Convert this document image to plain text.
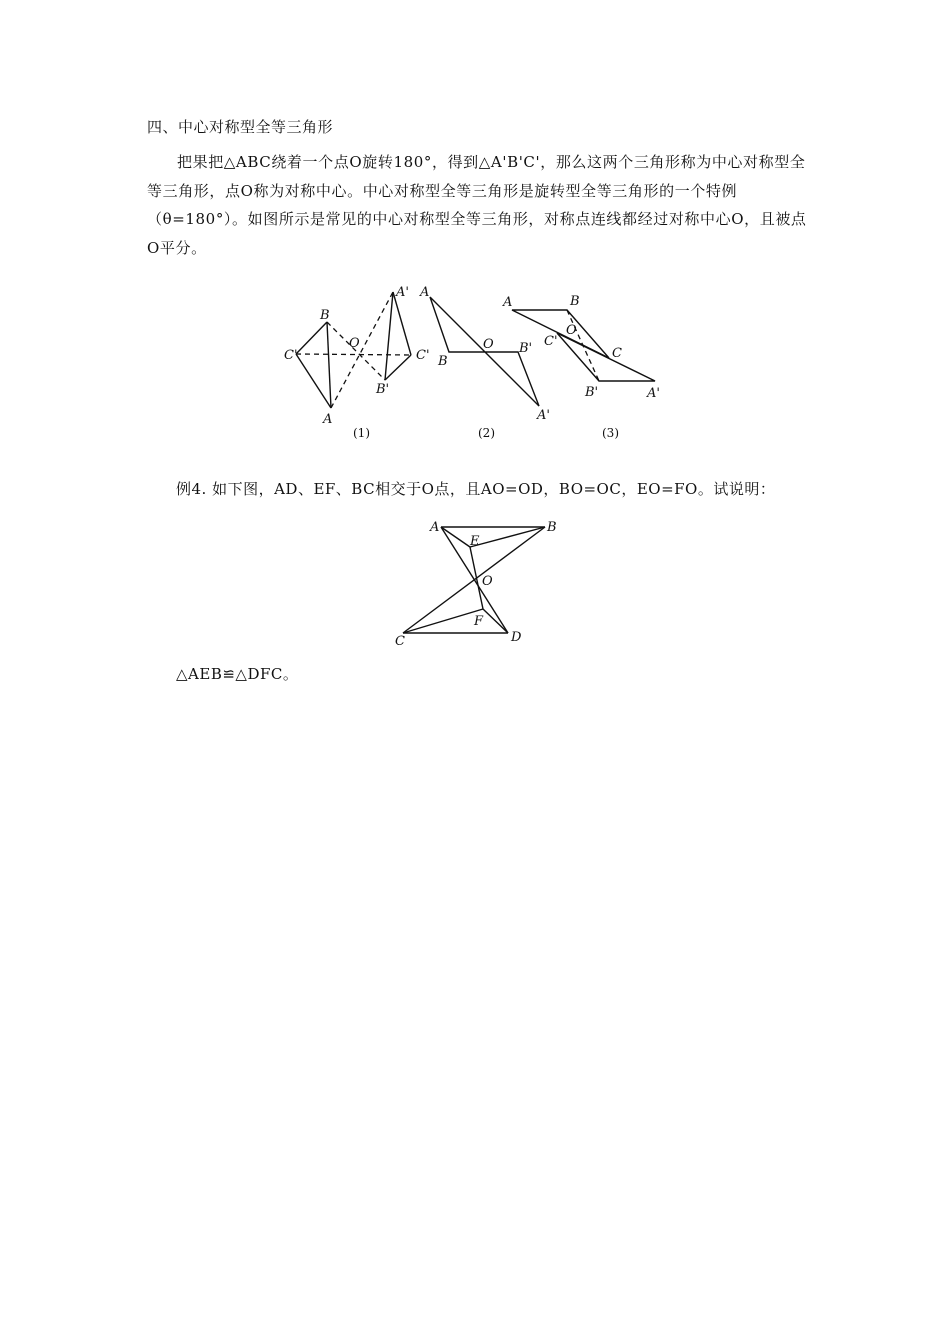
四、中心对称型全等三角形

把果把△ABC绕着一个点O旋转180°，得到△A'B'C'，那么这两个三角形称为中心对称型全等三角形，点O称为对称中心。中心对称型全等三角形是旋转型全等三角形的一个特例（θ=180°）。如图所示是常见的中心对称型全等三角形，对称点连线都经过对称中心O，且被点O平分。

B
C'
A
O
A'
C'
B'
(1)
A
B
O B'
A'
(2)
A	B
O
C'
C
B'	A'
(3)
例4. 如下图，AD、EF、BC相交于O点，且AO=OD，BO=OC，EO=FO。试说明：
A	B
E
O
F
C	D
△AEB≌△DFC。
